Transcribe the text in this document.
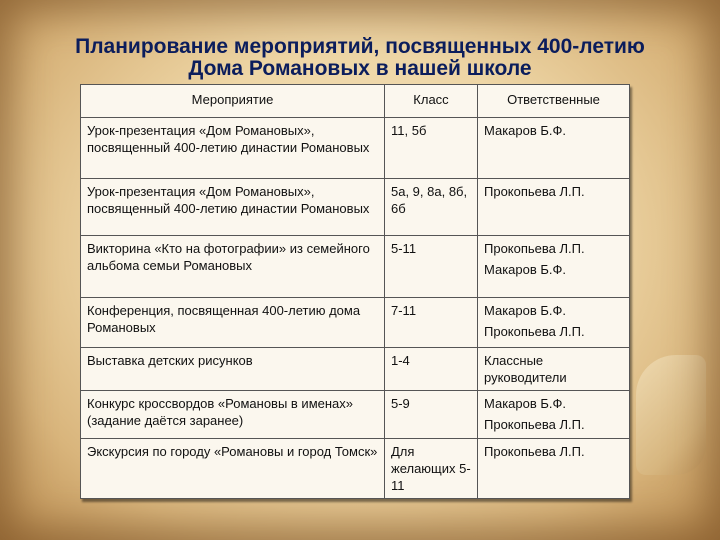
Планирование мероприятий, посвященных 400-летию
Дома Романовых в нашей школе
Мероприятие	Класс	Ответственные
Урок-презентация «Дом Романовых», посвященный 400-летию династии Романовых	11, 5б	Макаров Б.Ф.

Урок-презентация «Дом Романовых», посвященный 400-летию династии Романовых	5а, 9, 8а, 8б, 6б	Прокопьева Л.П.

Викторина «Кто на фотографии» из семейного альбома семьи Романовых	5-11	Прокопьева Л.П.
Макаров Б.Ф.

Конференция, посвященная 400-летию дома Романовых	7-11	Макаров Б.Ф.
Прокопьева Л.П.

Выставка детских рисунков	1-4	Классные руководители

Конкурс кроссвордов «Романовы в именах» (задание даётся заранее)	5-9	Макаров Б.Ф.
Прокопьева Л.П.

Экскурсия по городу «Романовы и город Томск»	Для желающих 5-11	Прокопьева Л.П.
